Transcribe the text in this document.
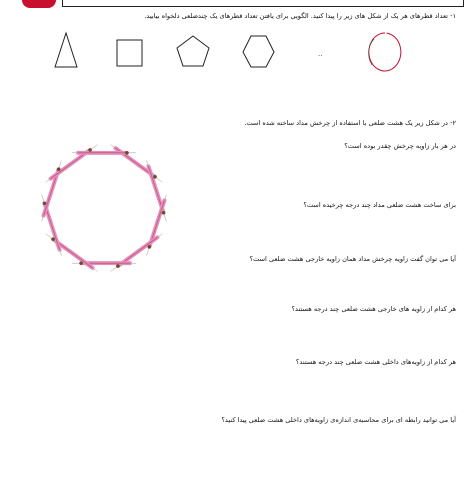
۱- تعداد قطرهای هر یک از شکل های زیر را پیدا کنید. الگویی برای یافتن تعداد قطرهای یک چندضلعی دلخواه بیابید.
..
۲- در شکل زیر یک هشت ضلعی با استفاده از چرخش مداد ساخته شده است.
در هر بار زاویه چرخش چقدر بوده است؟
برای ساخت هشت ضلعی مداد چند درجه چرخیده است؟
آیا می توان گفت زاویه چرخش مداد همان زاویه خارجی هشت ضلعی است؟
هر کدام از زاویه های خارجی هشت ضلعی چند درجه هستند؟
هر کدام از زاویه‌های داخلی هشت ضلعی چند درجه هستند؟
آیا می توانید رابطه ای برای محاسبه‌ی اندازه‌ی زاویه‌های داخلی هشت ضلعی پیدا کنید؟
